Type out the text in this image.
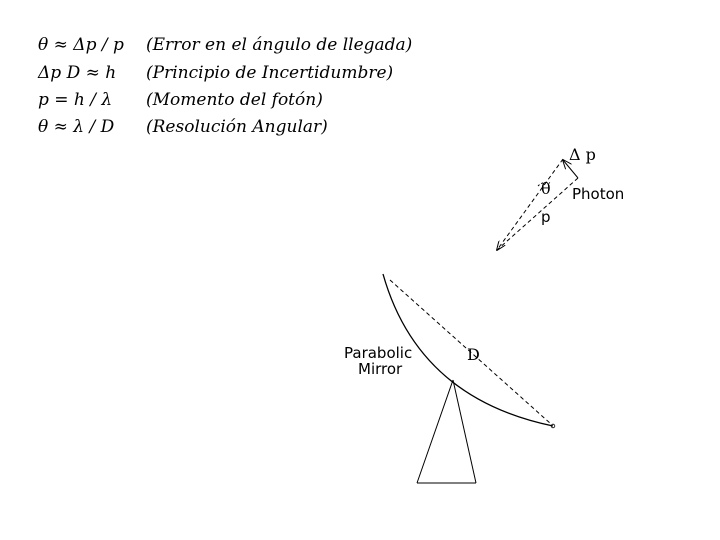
θ ≈ Δp / p (Error en el ángulo de llegada)
Δp D ≈ h (Principio de Incertidumbre)
p = h / λ (Momento del fotón)
θ ≈ λ / D (Resolución Angular)
Δ p
θ Photon
p
D
Parabolic
Mirror
